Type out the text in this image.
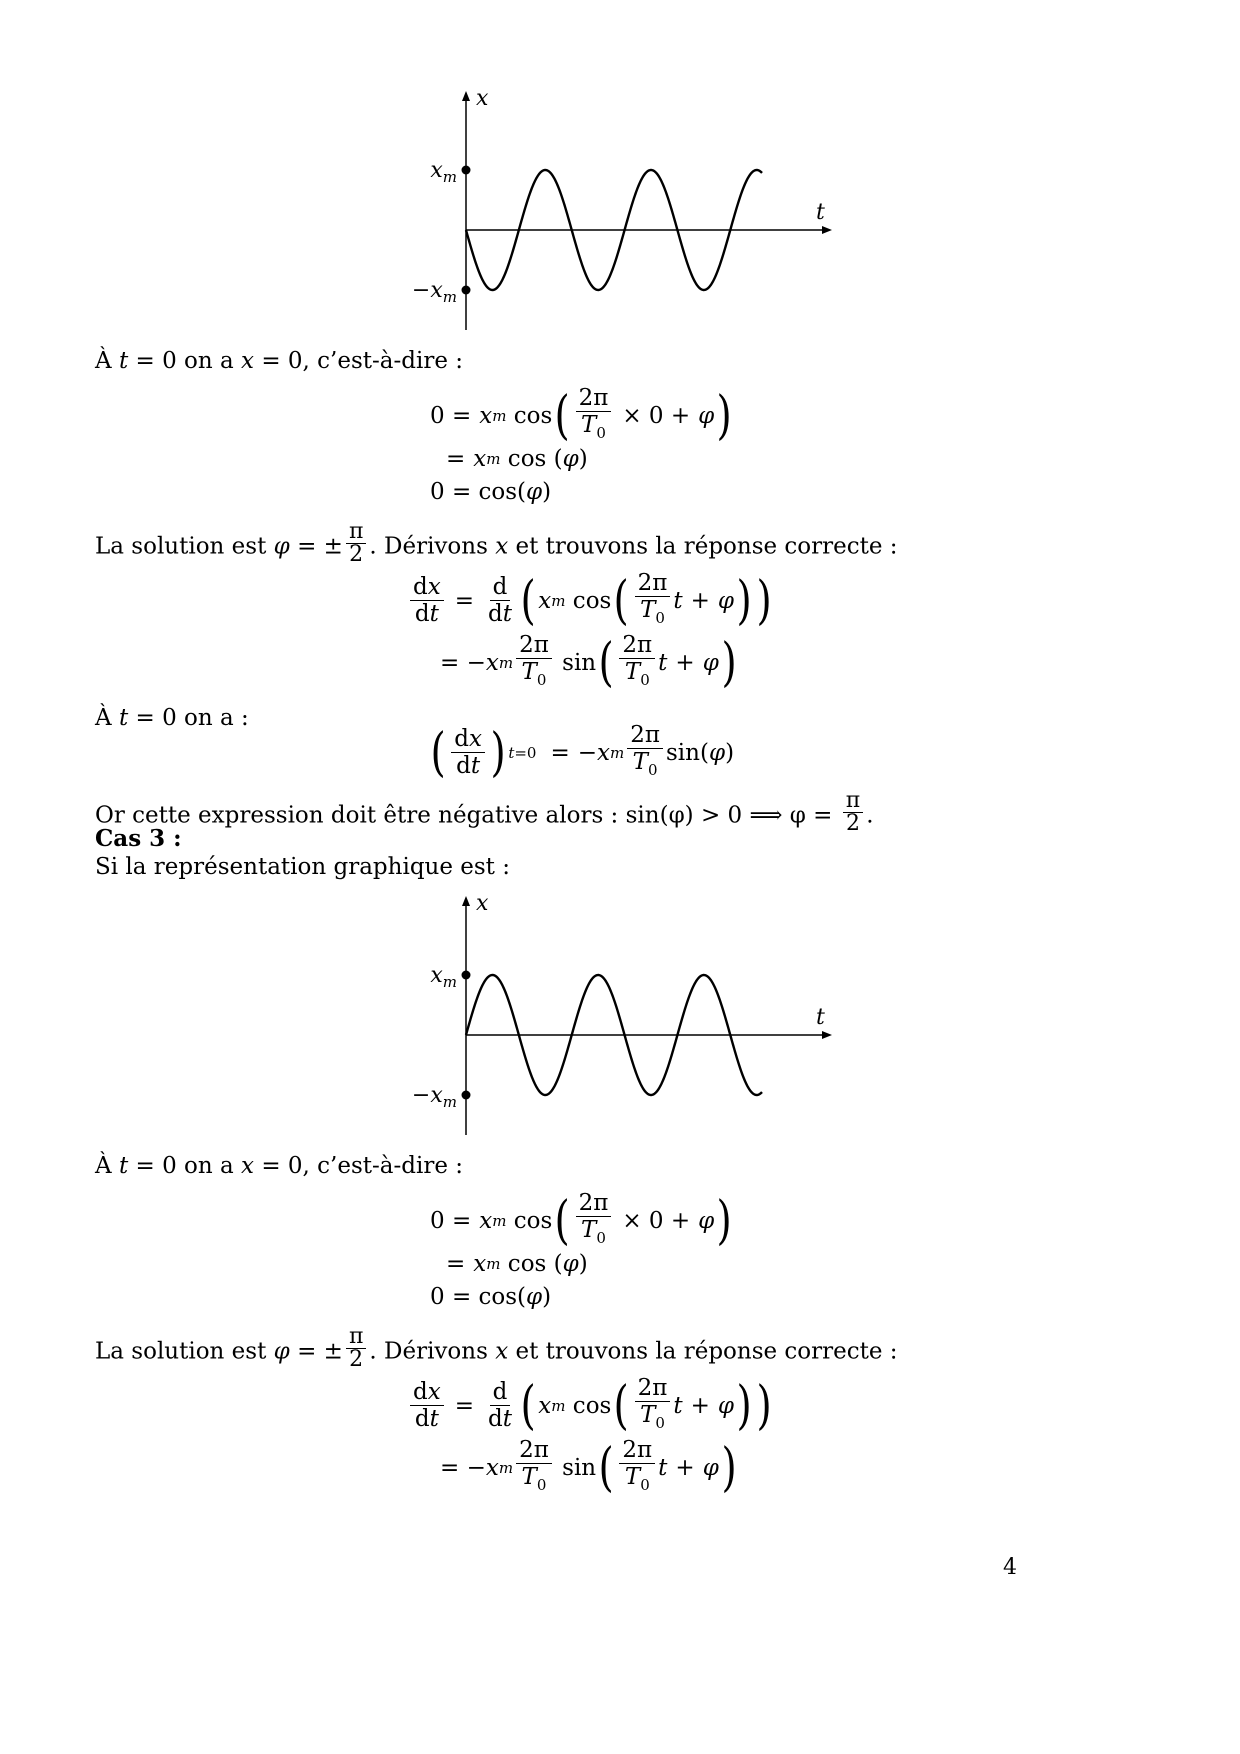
x
t
$x_m$
$-x_m$
À t = 0 on a x = 0, c’est-à-dire :
0 = x m cos ( $\frac{2\pi}{T_0} \times 0 + \varphi$ )
= x m cos ( φ )
0 = cos( φ )
La solution est φ = ± $\frac{\pi}{2}$ . Dérivons x et trouvons la réponse correcte :
$\frac{dx}{dt} = \frac{d}{dt}$ ( x m cos ( $\frac{2\pi}{T_0}$ t + φ ) )
= − x m $\frac{2\pi}{T_0}$ sin ( $\frac{2\pi}{T_0}$ t + φ )
À t = 0 on a :
( $\frac{dx}{dt}$ ) t=0 = − x m $\frac{2\pi}{T_0} \sin$( φ )
Or cette expression doit être négative alors : sin(φ) > 0 ⟹ $\varphi = \frac{\pi}{2}$ .
Cas 3 :
Si la représentation graphique est :
x
t
$x_m$
$-x_m$
À t = 0 on a x = 0, c’est-à-dire :
0 = x m cos ( $\frac{2\pi}{T_0} \times 0 + \varphi$ )
= x m cos ( φ )
0 = cos( φ )
La solution est φ = ± $\frac{\pi}{2}$ . Dérivons x et trouvons la réponse correcte :
$\frac{dx}{dt} = \frac{d}{dt}$ ( x m cos ( $\frac{2\pi}{T_0}$ t + φ ) )
= − x m $\frac{2\pi}{T_0}$ sin ( $\frac{2\pi}{T_0}$ t + φ )
4
